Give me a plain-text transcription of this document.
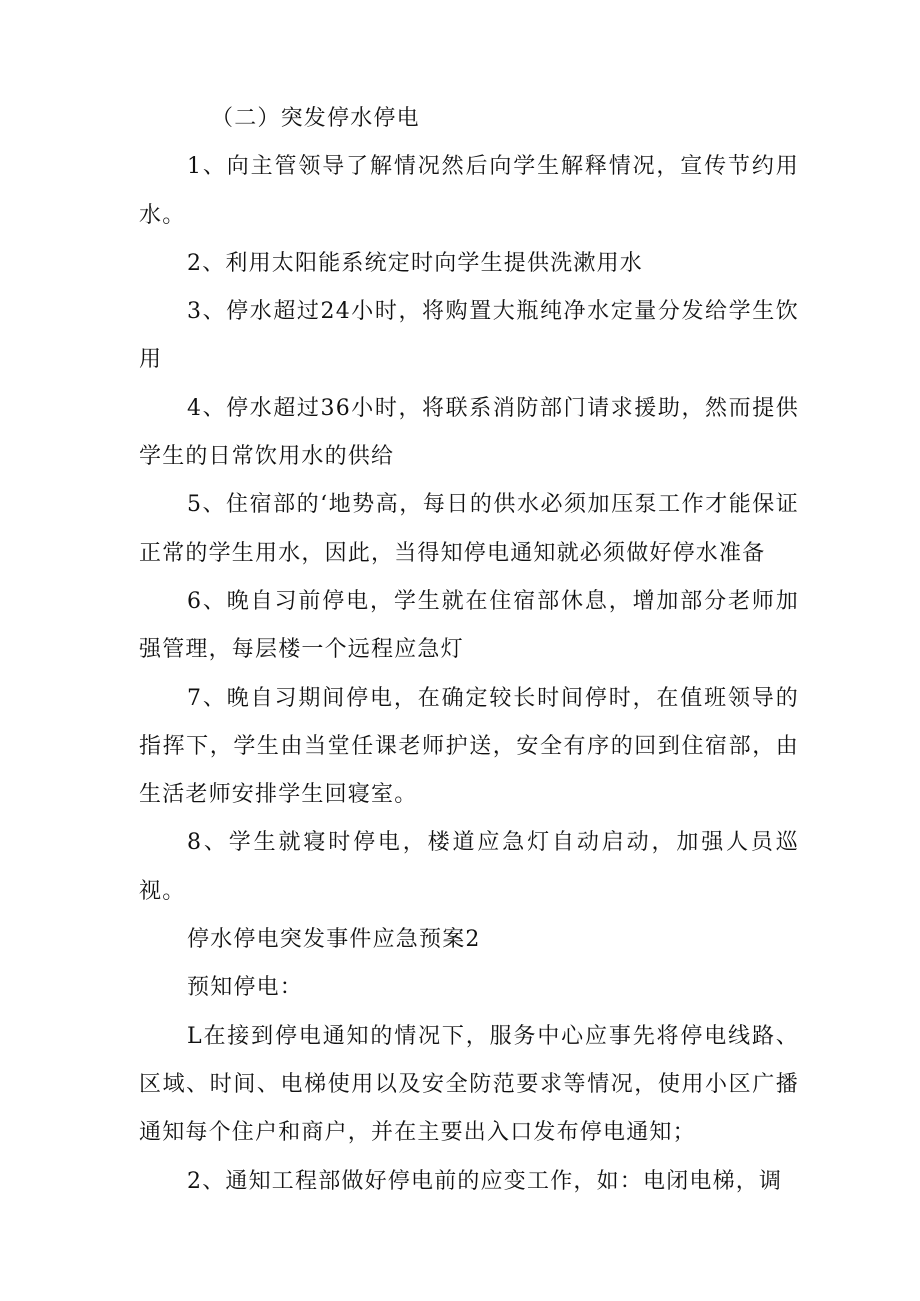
（二）突发停水停电

1、向主管领导了解情况然后向学生解释情况，宣传节约用水。

2、利用太阳能系统定时向学生提供洗漱用水

3、停水超过24小时，将购置大瓶纯净水定量分发给学生饮用

4、停水超过36小时，将联系消防部门请求援助，然而提供学生的日常饮用水的供给

5、住宿部的‘地势高，每日的供水必须加压泵工作才能保证正常的学生用水，因此，当得知停电通知就必须做好停水准备

6、晚自习前停电，学生就在住宿部休息，增加部分老师加强管理，每层楼一个远程应急灯

7、晚自习期间停电，在确定较长时间停时，在值班领导的指挥下，学生由当堂任课老师护送，安全有序的回到住宿部，由生活老师安排学生回寝室。

8、学生就寝时停电，楼道应急灯自动启动，加强人员巡视。

停水停电突发事件应急预案2

预知停电：

L在接到停电通知的情况下，服务中心应事先将停电线路、区域、时间、电梯使用以及安全防范要求等情况，使用小区广播通知每个住户和商户，并在主要出入口发布停电通知；

2、通知工程部做好停电前的应变工作，如：电闭电梯，调
